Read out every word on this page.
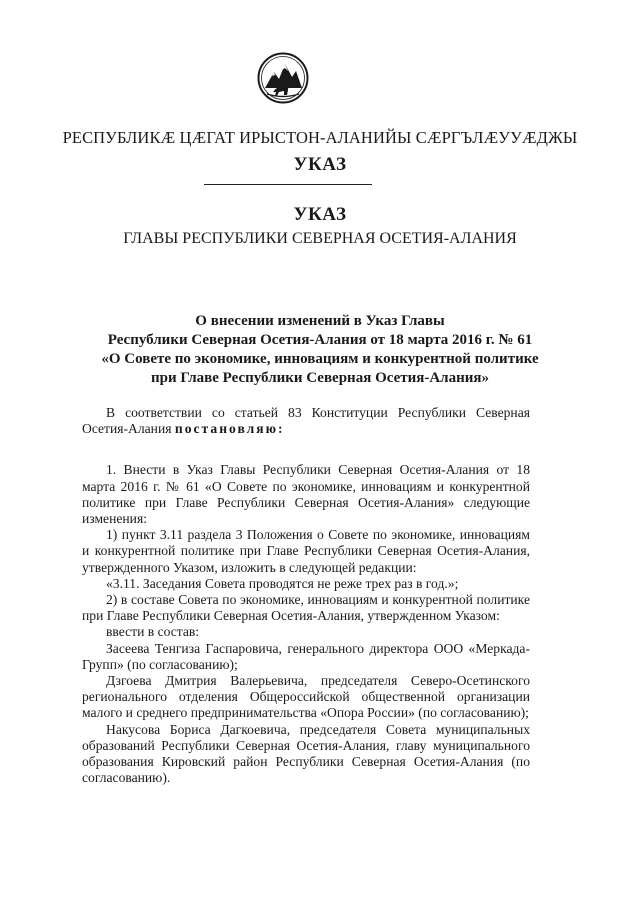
РЕСПУБЛИКӔ ЦӔГАТ ИРЫСТОН-АЛАНИЙЫ СӔРГЪЛӔУУӔДЖЫ
УКАЗ
УКАЗ
ГЛАВЫ РЕСПУБЛИКИ СЕВЕРНАЯ ОСЕТИЯ-АЛАНИЯ
О внесении изменений в Указ Главы
Республики Северная Осетия-Алания от 18 марта 2016 г. № 61
«О Совете по экономике, инновациям и конкурентной политике
при Главе Республики Северная Осетия-Алания»

В соответствии со статьей 83 Конституции Республики Северная Осетия-Алания постановляю:

1. Внести в Указ Главы Республики Северная Осетия-Алания от 18 марта 2016 г. № 61 «О Совете по экономике, инновациям и конкурентной политике при Главе Республики Северная Осетия-Алания» следующие изменения:

1) пункт 3.11 раздела 3 Положения о Совете по экономике, инновациям и конкурентной политике при Главе Республики Северная Осетия-Алания, утвержденного Указом, изложить в следующей редакции:

«3.11. Заседания Совета проводятся не реже трех раз в год.»;

2) в составе Совета по экономике, инновациям и конкурентной политике при Главе Республики Северная Осетия-Алания, утвержденном Указом:

ввести в состав:

Засеева Тенгиза Гаспаровича, генерального директора ООО «Меркада-Групп» (по согласованию);

Дзгоева Дмитрия Валерьевича, председателя Северо-Осетинского регионального отделения Общероссийской общественной организации малого и среднего предпринимательства «Опора России» (по согласованию);

Накусова Бориса Дагкоевича, председателя Совета муниципальных образований Республики Северная Осетия-Алания, главу муниципального образования Кировский район Республики Северная Осетия-Алания (по согласованию).
